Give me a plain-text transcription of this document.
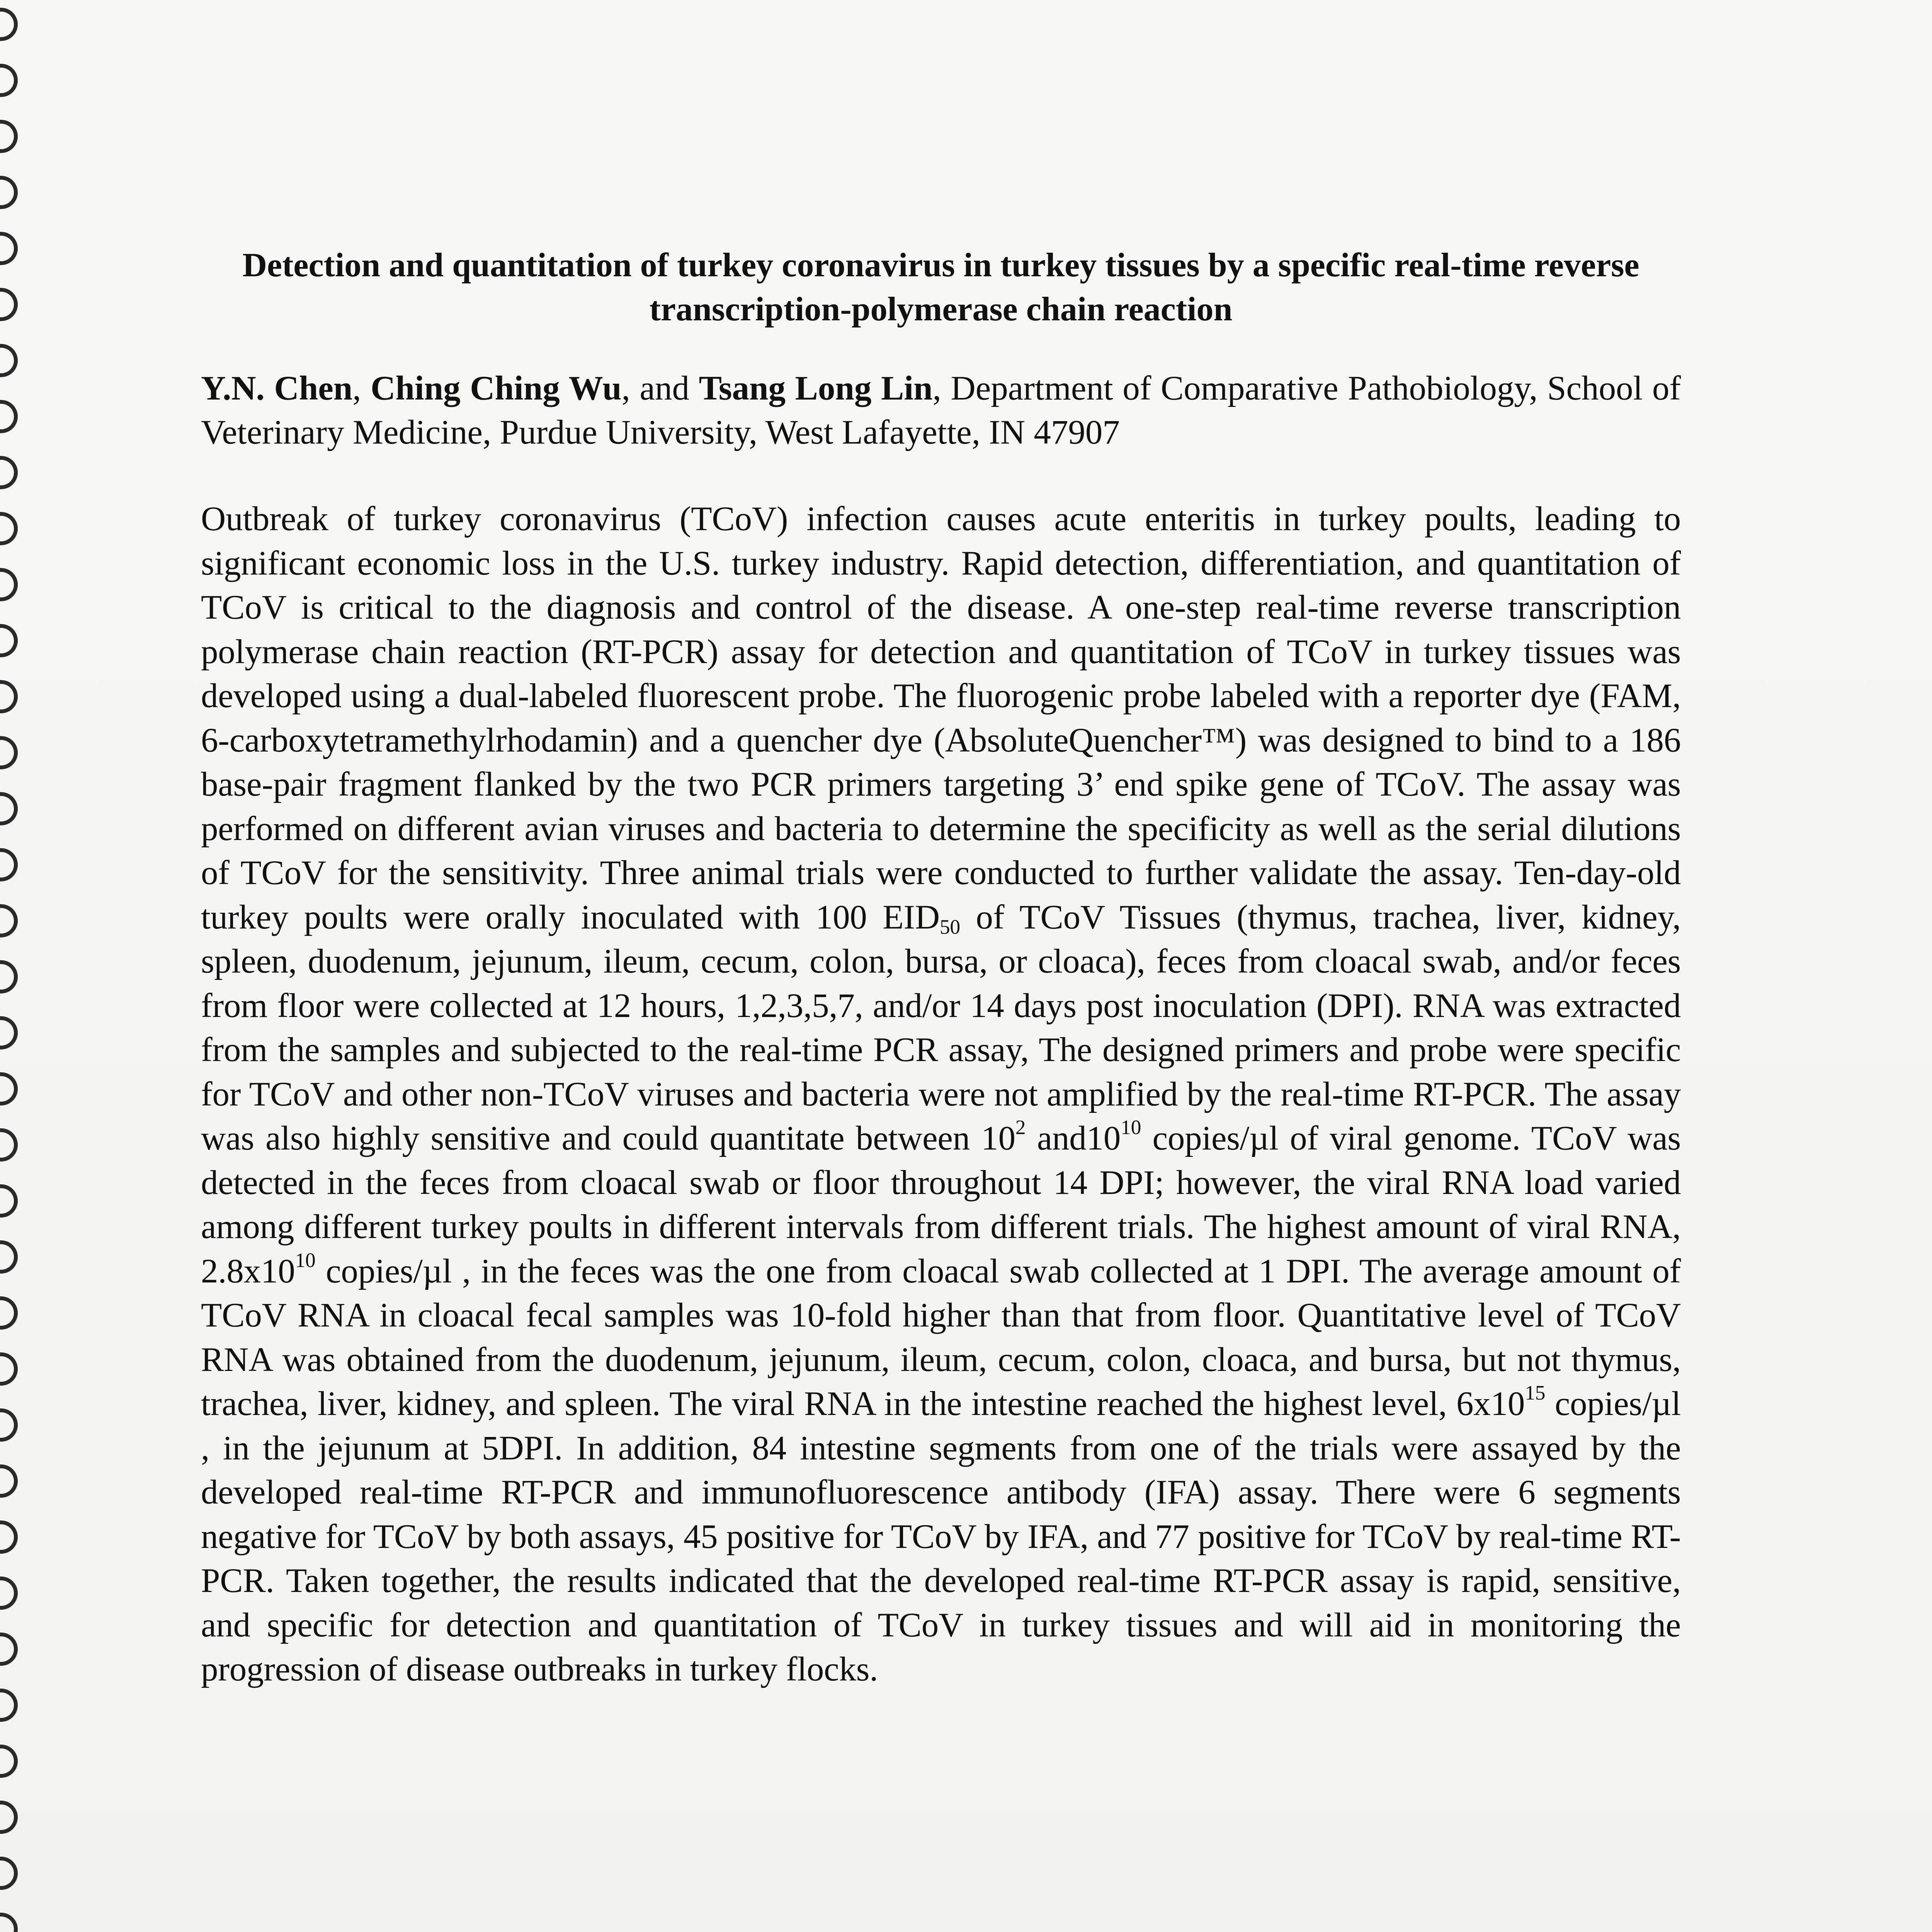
Detection and quantitation of turkey coronavirus in turkey tissues by a specific real-time reverse transcription-polymerase chain reaction

Y.N. Chen, Ching Ching Wu, and Tsang Long Lin, Department of Comparative Pathobiology, School of Veterinary Medicine, Purdue University, West Lafayette, IN 47907

Outbreak of turkey coronavirus (TCoV) infection causes acute enteritis in turkey poults, leading to significant economic loss in the U.S. turkey industry. Rapid detection, differentiation, and quantitation of TCoV is critical to the diagnosis and control of the disease. A one-step real-time reverse transcription polymerase chain reaction (RT-PCR) assay for detection and quantitation of TCoV in turkey tissues was developed using a dual-labeled fluorescent probe. The fluorogenic probe labeled with a reporter dye (FAM, 6-carboxytetramethylrhodamin) and a quencher dye (AbsoluteQuencher™) was designed to bind to a 186 base-pair fragment flanked by the two PCR primers targeting 3’ end spike gene of TCoV. The assay was performed on different avian viruses and bacteria to determine the specificity as well as the serial dilutions of TCoV for the sensitivity. Three animal trials were conducted to further validate the assay. Ten-day-old turkey poults were orally inoculated with 100 $EID_{50}$ of TCoV Tissues (thymus, trachea, liver, kidney, spleen, duodenum, jejunum, ileum, cecum, colon, bursa, or cloaca), feces from cloacal swab, and/or feces from floor were collected at 12 hours, 1,2,3,5,7, and/or 14 days post inoculation (DPI). RNA was extracted from the samples and subjected to the real-time PCR assay, The designed primers and probe were specific for TCoV and other non-TCoV viruses and bacteria were not amplified by the real-time RT-PCR. The assay was also highly sensitive and could quantitate between $10^2$ $and10^{10}$ copies/µl of viral genome. TCoV was detected in the feces from cloacal swab or floor throughout 14 DPI; however, the viral RNA load varied among different turkey poults in different intervals from different trials. The highest amount of viral RNA, $2.8x10^{10}$ copies/µl , in the feces was the one from cloacal swab collected at 1 DPI. The average amount of TCoV RNA in cloacal fecal samples was 10-fold higher than that from floor. Quantitative level of TCoV RNA was obtained from the duodenum, jejunum, ileum, cecum, colon, cloaca, and bursa, but not thymus, trachea, liver, kidney, and spleen. The viral RNA in the intestine reached the highest level, $6x10^{15}$ copies/µl , in the jejunum at 5DPI. In addition, 84 intestine segments from one of the trials were assayed by the developed real-time RT-PCR and immunofluorescence antibody (IFA) assay. There were 6 segments negative for TCoV by both assays, 45 positive for TCoV by IFA, and 77 positive for TCoV by real-time RT-PCR. Taken together, the results indicated that the developed real-time RT-PCR assay is rapid, sensitive, and specific for detection and quantitation of TCoV in turkey tissues and will aid in monitoring the progression of disease outbreaks in turkey flocks.
